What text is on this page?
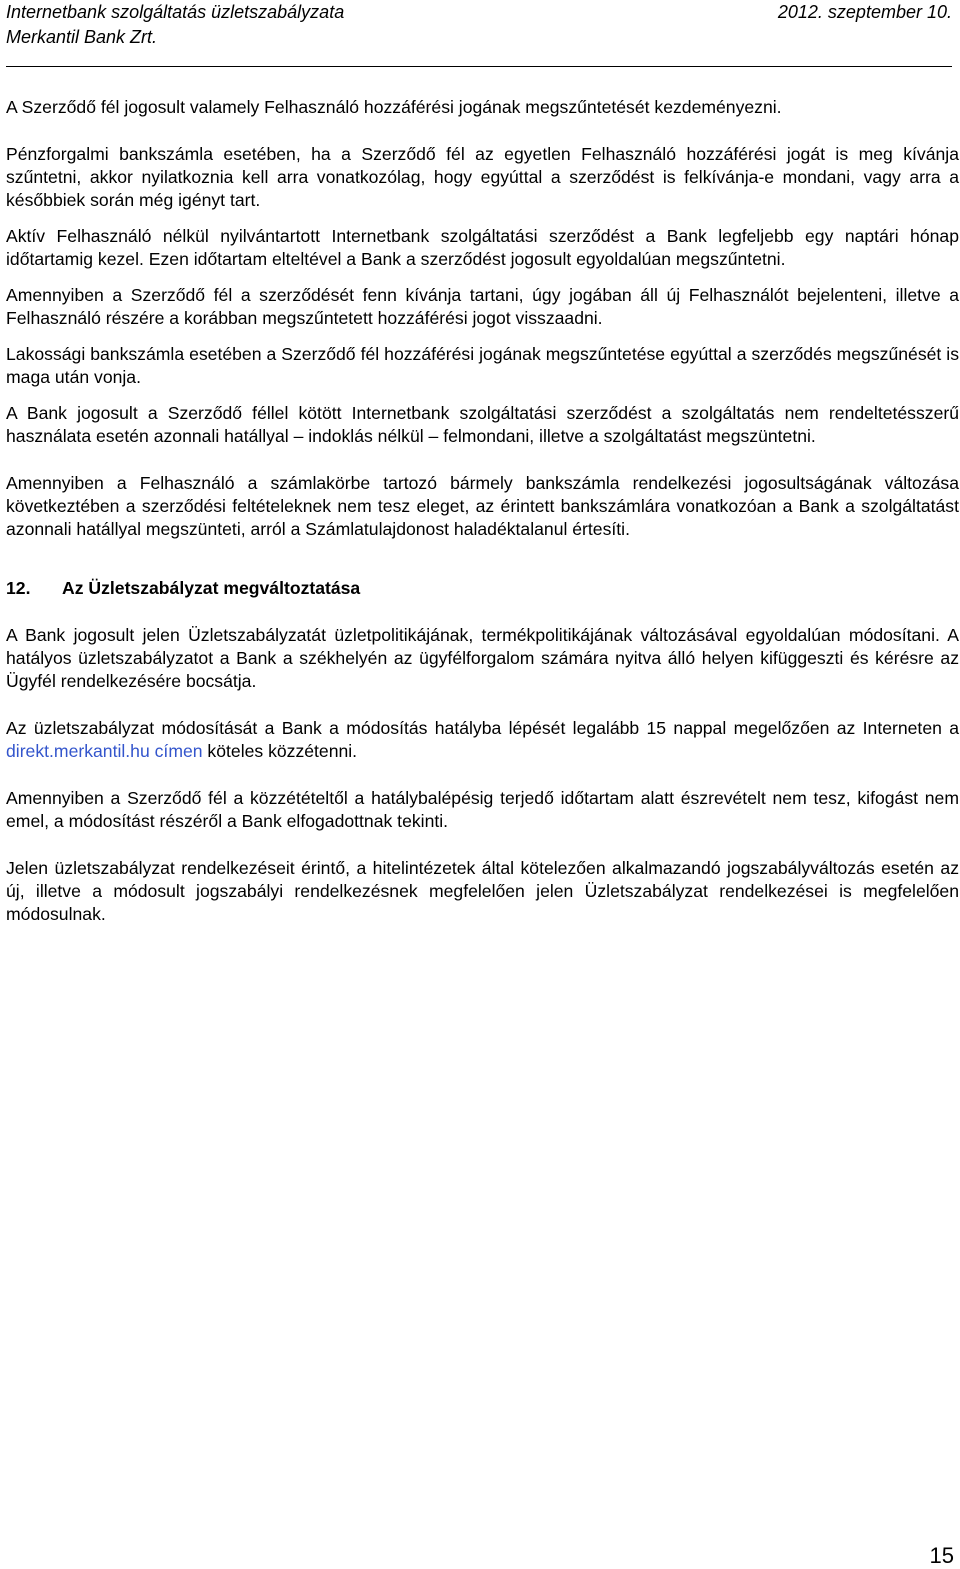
Internetbank szolgáltatás üzletszabályzata	2012. szeptember 10.
Merkantil Bank Zrt.

A Szerződő fél jogosult valamely Felhasználó hozzáférési jogának megszűntetését kezdeményezni.

Pénzforgalmi bankszámla esetében, ha a Szerződő fél az egyetlen Felhasználó hozzáférési jogát is meg kívánja szűntetni, akkor nyilatkoznia kell arra vonatkozólag, hogy egyúttal a szerződést is felkívánja-e mondani, vagy arra a későbbiek során még igényt tart.

Aktív Felhasználó nélkül nyilvántartott Internetbank szolgáltatási szerződést a Bank legfeljebb egy naptári hónap időtartamig kezel. Ezen időtartam elteltével a Bank a szerződést jogosult egyoldalúan megszűntetni.

Amennyiben a Szerződő fél a szerződését fenn kívánja tartani, úgy jogában áll új Felhasználót bejelenteni, illetve a Felhasználó részére a korábban megszűntetett hozzáférési jogot visszaadni.

Lakossági bankszámla esetében a Szerződő fél hozzáférési jogának megszűntetése egyúttal a szerződés megszűnését is maga után vonja.

A Bank jogosult a Szerződő féllel kötött Internetbank szolgáltatási szerződést a szolgáltatás nem rendeltetésszerű használata esetén azonnali hatállyal – indoklás nélkül – felmondani, illetve a szolgáltatást megszüntetni.

Amennyiben a Felhasználó a számlakörbe tartozó bármely bankszámla rendelkezési jogosultságának változása következtében a szerződési feltételeknek nem tesz eleget, az érintett bankszámlára vonatkozóan a Bank a szolgáltatást azonnali hatállyal megszünteti, arról a Számlatulajdonost haladéktalanul értesíti.

12.	Az Üzletszabályzat megváltoztatása

A Bank jogosult jelen Üzletszabályzatát üzletpolitikájának, termékpolitikájának változásával egyoldalúan módosítani. A hatályos üzletszabályzatot a Bank a székhelyén az ügyfélforgalom számára nyitva álló helyen kifüggeszti és kérésre az Ügyfél rendelkezésére bocsátja.

Az üzletszabályzat módosítását a Bank a módosítás hatályba lépését legalább 15 nappal megelőzően az Interneten a direkt.merkantil.hu címen köteles közzétenni.

Amennyiben a Szerződő fél a közzétételtől a hatálybalépésig terjedő időtartam alatt észrevételt nem tesz, kifogást nem emel, a módosítást részéről a Bank elfogadottnak tekinti.

Jelen üzletszabályzat rendelkezéseit érintő, a hitelintézetek által kötelezően alkalmazandó jogszabályváltozás esetén az új, illetve a módosult jogszabályi rendelkezésnek megfelelően jelen Üzletszabályzat rendelkezései is megfelelően módosulnak.

15
